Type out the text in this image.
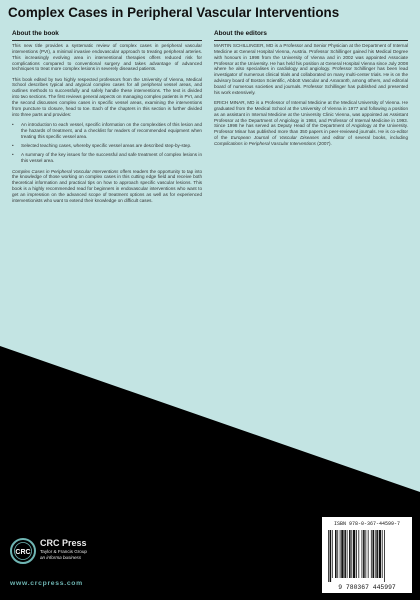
Complex Cases in Peripheral Vascular Interventions
About the book

This new title provides a systematic review of complex cases in peripheral vascular interventions (PVI), a minimal invasive endovascular approach to treating peripheral arteries. This increasingly evolving area in interventional therapies offers reduced risk for complications compared to conventional surgery and takes advantage of advanced techniques to treat more complex lesions in severely diseased patients.

This book edited by two highly respected professors from the University of Vienna, Medical School describes typical and atypical complex cases for all peripheral vessel areas, and outlines methods to successfully and safely handle these interventions. The text is divided into two sections. The first reviews general aspects on managing complex patients in PVI, and the second discusses complex cases in specific vessel areas, examining the interventions from puncture to closure, head to toe. Each of the chapters in this section is further divided into three parts and provides:

• An introduction to each vessel, specific information on the complexities of this lesion and the hazards of treatment, and a checklist for readers of recommended equipment when treating this specific vessel area.
• Selected teaching cases, whereby specific vessel areas are described step-by-step.
• A summary of the key issues for the successful and safe treatment of complex lesions in this vessel area.

Complex Cases in Peripheral Vascular Interventions offers readers the opportunity to tap into the knowledge of those working on complex cases in this cutting edge field and receive both theoretical information and practical tips on how to approach specific vascular lesions. This book is a highly recommended read for beginners in endovascular interventions who want to get an impression on the advanced scope of treatment options as well as for experienced interventionists who want to extend their knowledge on difficult cases.

About the editors

MARTIN SCHILLINGER, MD is a Professor and Senior Physician at the Department of Internal Medicine at General Hospital Vienna, Austria. Professor Schillinger gained his Medical Degree with honours in 1998 from the University of Vienna and in 2002 was appointed Associate Professor at the University. He has held his position at General Hospital Vienna since July 2008 where he also specialises in cardiology and angiology. Professor Schillinger has been lead investigator of numerous clinical trials and collaborated on many multi-center trials. He is on the advisory board of Boston Scientific, Abbott Vascular and Amaranth, among others, and editorial board of numerous societies and journals. Professor Schillinger has published and presented his work extensively.

ERICH MINAR, MD is a Professor of Internal Medicine at the Medical University of Vienna. He graduated from the Medical School at the University of Vienna in 1977 and following a position as an assistant in Internal Medicine at the University Clinic Vienna, was appointed as Assistant Professor at the Department of Angiology in 1984, and Professor of Internal Medicine in 1993. Since 1998 he has served as Deputy Head of the Department of Angiology at the University. Professor Minar has published more than 350 papers in peer-reviewed journals. He is co-editor of the European Journal of Vascular Diseases and editor of several books, including Complications in Peripheral Vascular Interventions (2007).

CRC
CRC Press
Taylor & Francis Group
an informa business
www.crcpress.com
ISBN 978-0-367-44599-7
9 780367 445997
